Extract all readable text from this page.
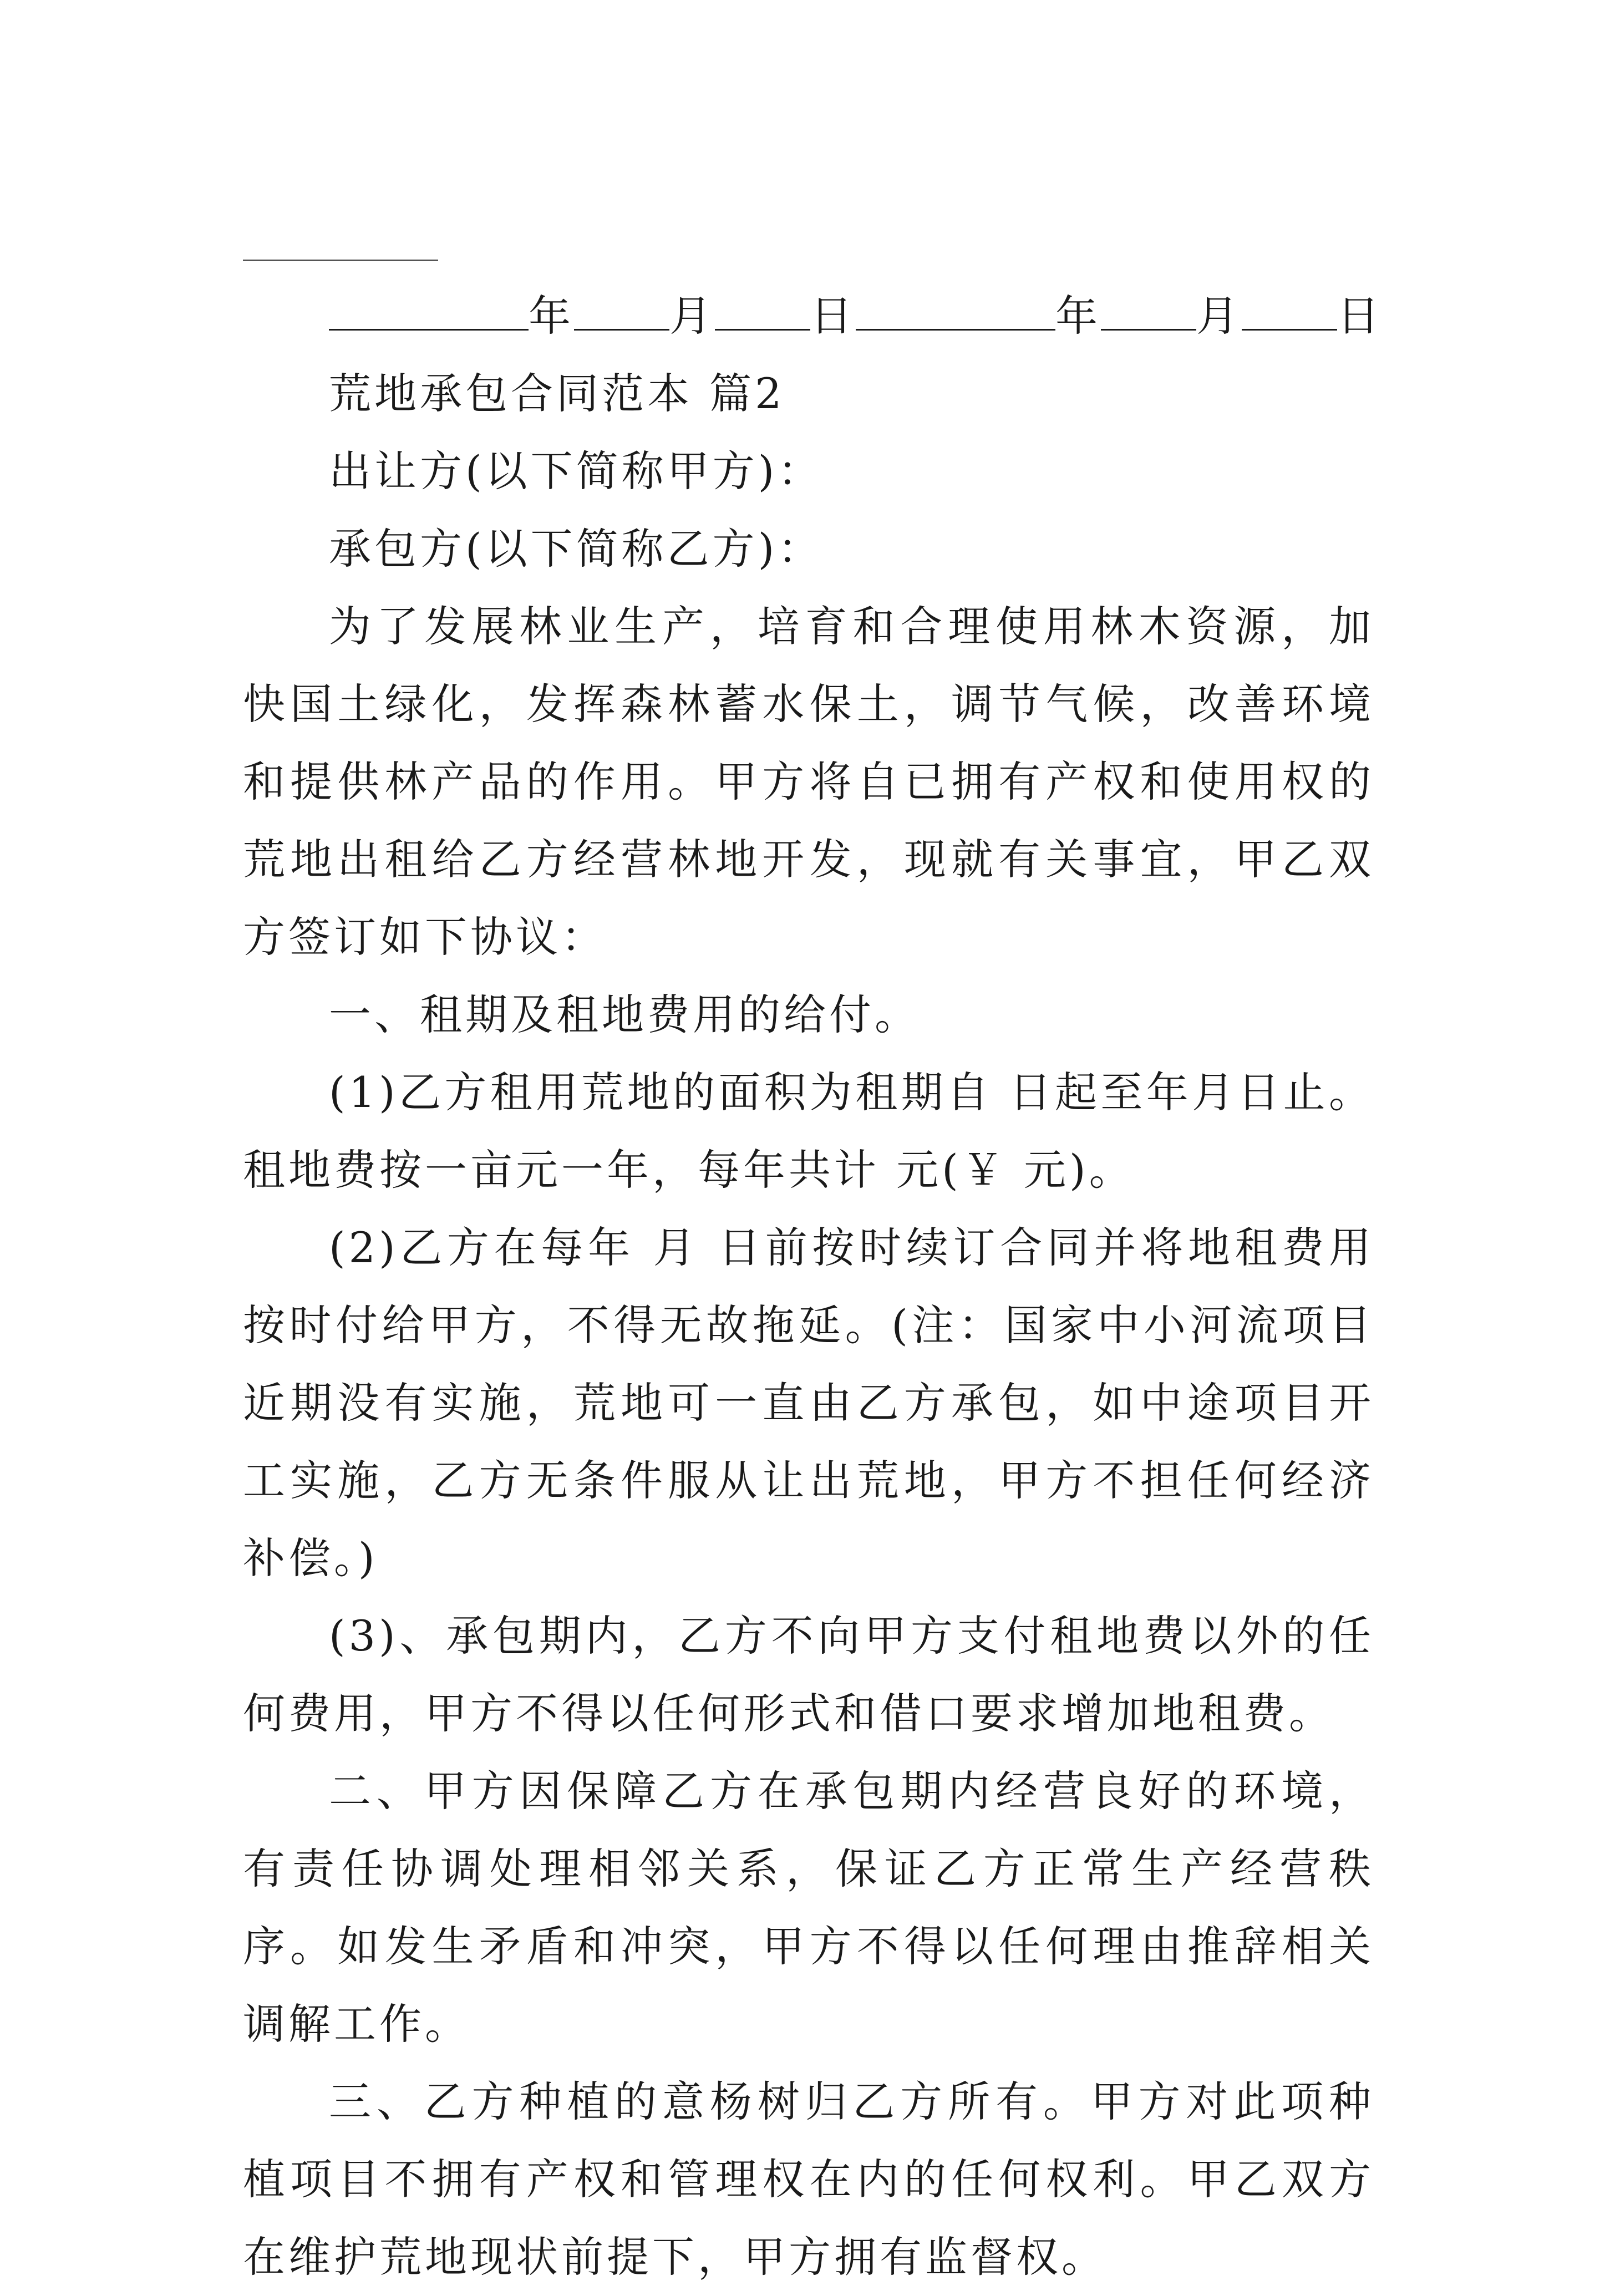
年 月 日	年 月 日

荒地承包合同范本 篇2

出让方(以下简称甲方)：

承包方(以下简称乙方)：

为了发展林业生产，培育和合理使用林木资源，加快国土绿化，发挥森林蓄水保土，调节气候，改善环境和提供林产品的作用。甲方将自已拥有产权和使用权的荒地出租给乙方经营林地开发，现就有关事宜，甲乙双方签订如下协议：

一、租期及租地费用的给付。

(1)乙方租用荒地的面积为租期自 日起至年月日止。租地费按一亩元一年，每年共计 元(￥ 元)。

(2)乙方在每年 月 日前按时续订合同并将地租费用按时付给甲方，不得无故拖延。(注：国家中小河流项目近期没有实施，荒地可一直由乙方承包，如中途项目开工实施，乙方无条件服从让出荒地，甲方不担任何经济补偿。)

(3)、承包期内，乙方不向甲方支付租地费以外的任何费用，甲方不得以任何形式和借口要求增加地租费。

二、甲方因保障乙方在承包期内经营良好的环境，有责任协调处理相邻关系，保证乙方正常生产经营秩序。如发生矛盾和冲突，甲方不得以任何理由推辞相关调解工作。

三、乙方种植的意杨树归乙方所有。甲方对此项种植项目不拥有产权和管理权在内的任何权利。甲乙双方在维护荒地现状前提下，甲方拥有监督权。
